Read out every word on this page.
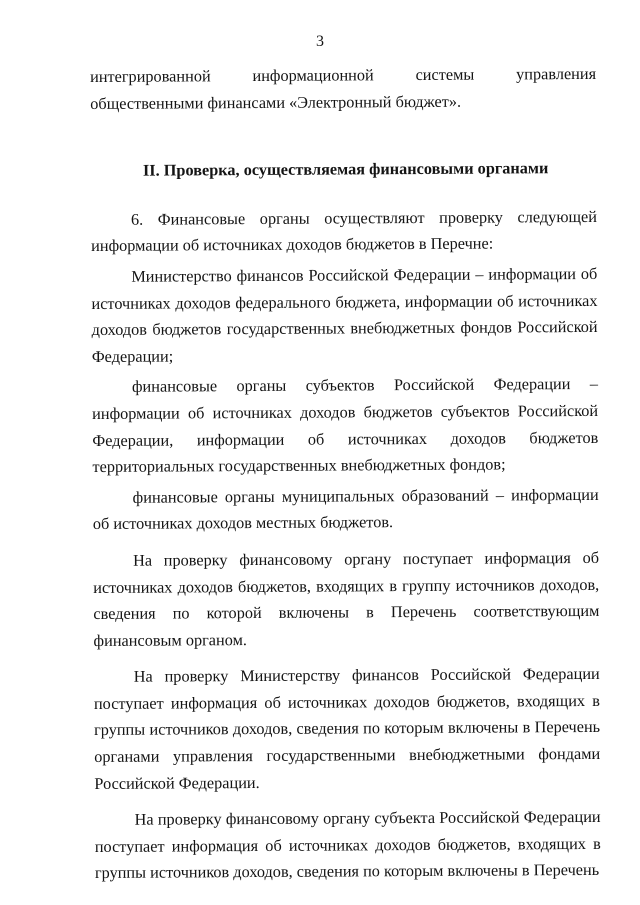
3

интегрированной информационной системы управления общественными финансами «Электронный бюджет».

II. Проверка, осуществляемая финансовыми органами

6. Финансовые органы осуществляют проверку следующей информации об источниках доходов бюджетов в Перечне:

Министерство финансов Российской Федерации – информации об источниках доходов федерального бюджета, информации об источниках доходов бюджетов государственных внебюджетных фондов Российской Федерации;

финансовые органы субъектов Российской Федерации – информации об источниках доходов бюджетов субъектов Российской Федерации, информации об источниках доходов бюджетов территориальных государственных внебюджетных фондов;

финансовые органы муниципальных образований – информации об источниках доходов местных бюджетов.

На проверку финансовому органу поступает информация об источниках доходов бюджетов, входящих в группу источников доходов, сведения по которой включены в Перечень соответствующим финансовым органом.

На проверку Министерству финансов Российской Федерации поступает информация об источниках доходов бюджетов, входящих в группы источников доходов, сведения по которым включены в Перечень органами управления государственными внебюджетными фондами Российской Федерации.

На проверку финансовому органу субъекта Российской Федерации поступает информация об источниках доходов бюджетов, входящих в группы источников доходов, сведения по которым включены в Перечень
